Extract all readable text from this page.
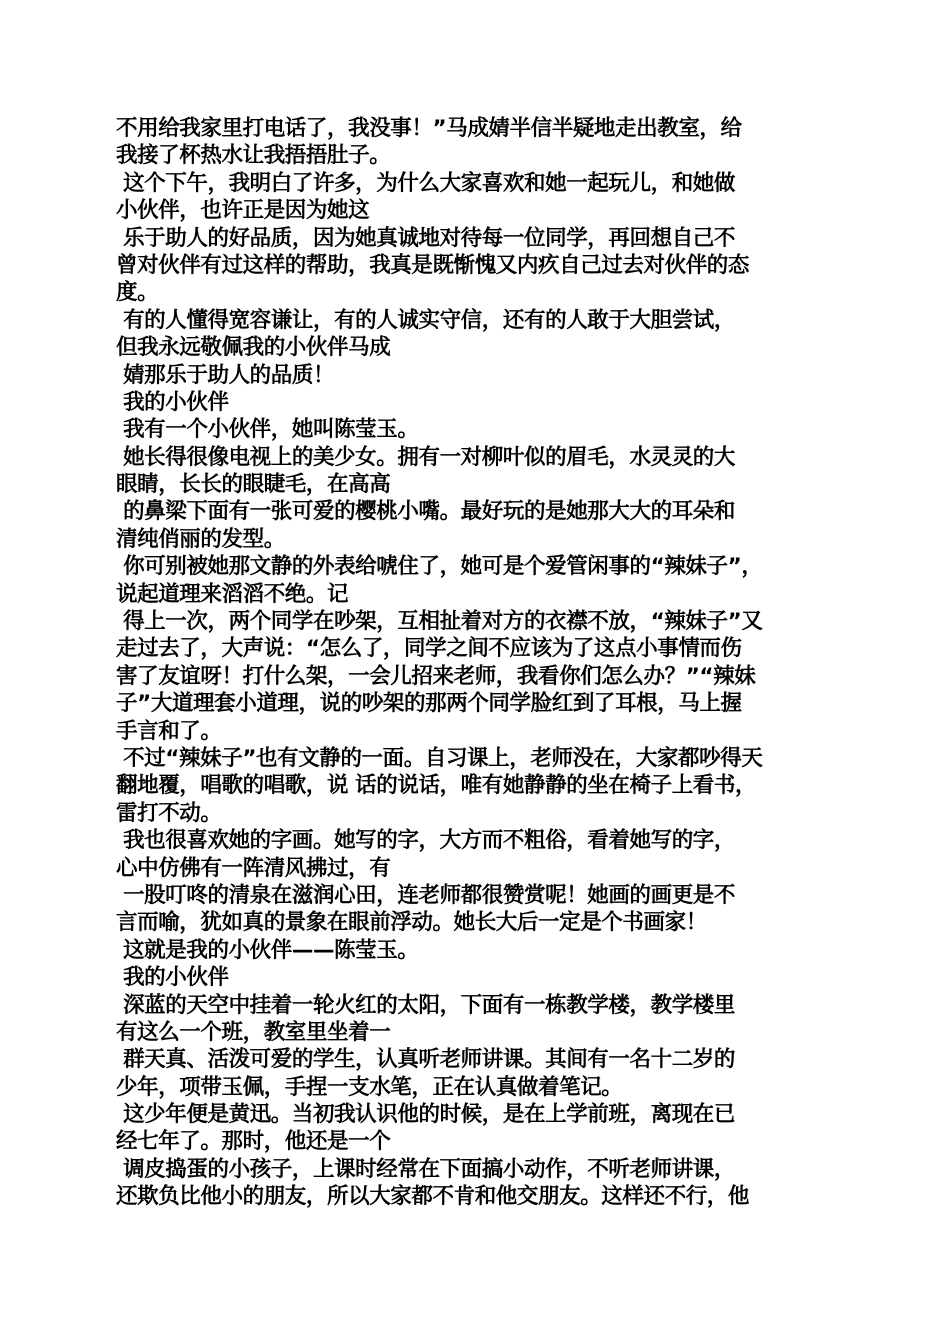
不用给我家里打电话了，我没事！”马成婧半信半疑地走出教室，给
我接了杯热水让我捂捂肚子。
这个下午，我明白了许多，为什么大家喜欢和她一起玩儿，和她做
小伙伴，也许正是因为她这
乐于助人的好品质，因为她真诚地对待每一位同学，再回想自己不
曾对伙伴有过这样的帮助，我真是既惭愧又内疚自己过去对伙伴的态
度。
有的人懂得宽容谦让，有的人诚实守信，还有的人敢于大胆尝试，
但我永远敬佩我的小伙伴马成
婧那乐于助人的品质！
我的小伙伴
我有一个小伙伴，她叫陈莹玉。
她长得很像电视上的美少女。拥有一对柳叶似的眉毛，水灵灵的大
眼睛，长长的眼睫毛，在高高
的鼻梁下面有一张可爱的樱桃小嘴。最好玩的是她那大大的耳朵和
清纯俏丽的发型。
你可别被她那文静的外表给唬住了，她可是个爱管闲事的“辣妹子”，
说起道理来滔滔不绝。记
得上一次，两个同学在吵架，互相扯着对方的衣襟不放，“辣妹子”又
走过去了，大声说：“怎么了，同学之间不应该为了这点小事情而伤
害了友谊呀！打什么架，一会儿招来老师，我看你们怎么办？”“辣妹
子”大道理套小道理，说的吵架的那两个同学脸红到了耳根，马上握
手言和了。
不过“辣妹子”也有文静的一面。自习课上，老师没在，大家都吵得天
翻地覆，唱歌的唱歌，说 话的说话，唯有她静静的坐在椅子上看书，
雷打不动。
我也很喜欢她的字画。她写的字，大方而不粗俗，看着她写的字，
心中仿佛有一阵清风拂过，有
一股叮咚的清泉在滋润心田，连老师都很赞赏呢！她画的画更是不
言而喻，犹如真的景象在眼前浮动。她长大后一定是个书画家！
这就是我的小伙伴——陈莹玉。
我的小伙伴
深蓝的天空中挂着一轮火红的太阳，下面有一栋教学楼，教学楼里
有这么一个班，教室里坐着一
群天真、活泼可爱的学生，认真听老师讲课。其间有一名十二岁的
少年，项带玉佩，手捏一支水笔，正在认真做着笔记。
这少年便是黄迅。当初我认识他的时候，是在上学前班，离现在已
经七年了。那时，他还是一个
调皮捣蛋的小孩子，上课时经常在下面搞小动作，不听老师讲课，
还欺负比他小的朋友，所以大家都不肯和他交朋友。这样还不行，他
